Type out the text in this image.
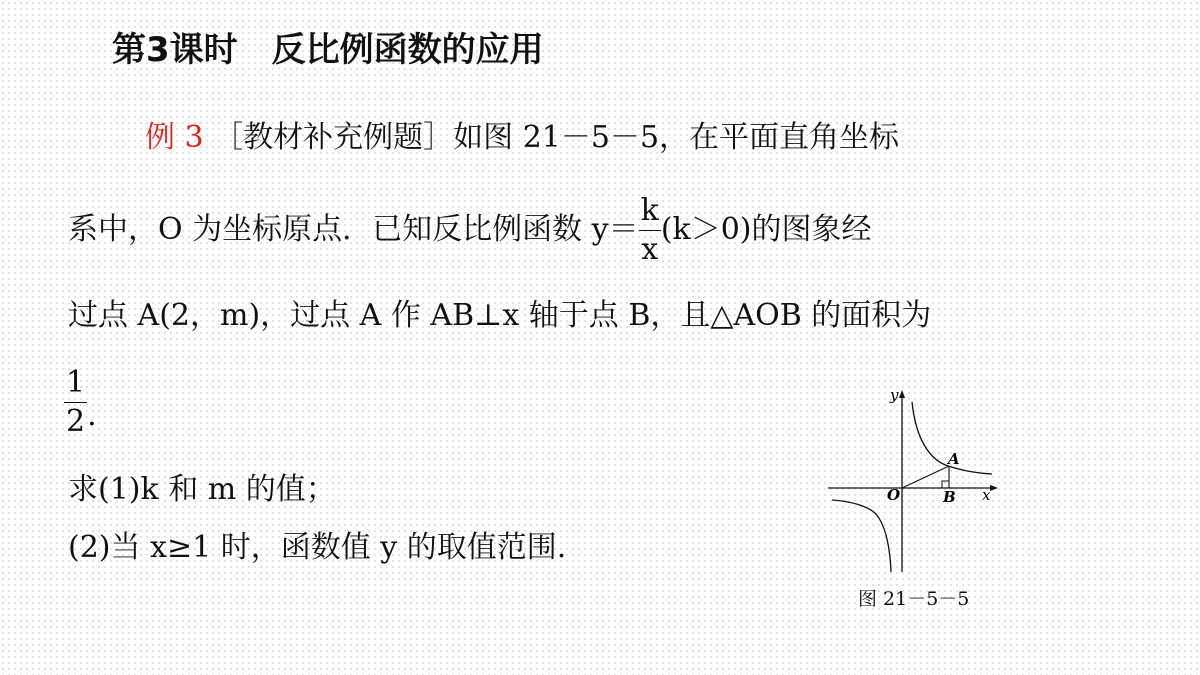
第3课时　反比例函数的应用
例 3 ［教材补充例题］如图 21－5－5，在平面直角坐标
系中，O 为坐标原点．已知反比例函数 $y= \frac{k}{x} (k>0)$的图象经
过点 A(2，m)，过点 A 作 AB⊥x 轴于点 B，且△AOB 的面积为
$\frac{1}{2}$ .
求(1)k 和 m 的值；
(2)当 x≥1 时，函数值 y 的取值范围.
y
x
O
A
B
图 21－5－5
